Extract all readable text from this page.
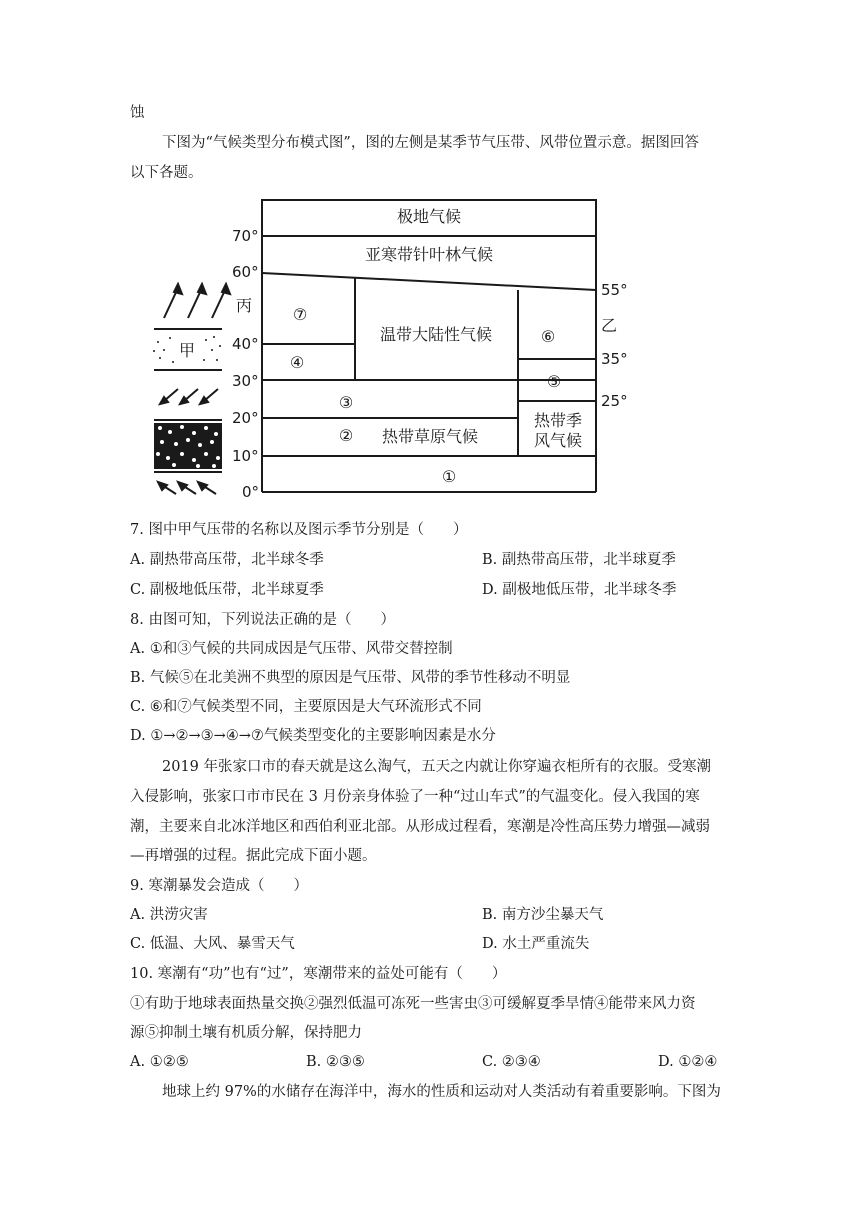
蚀
下图为“气候类型分布模式图”，图的左侧是某季节气压带、风带位置示意。据图回答
以下各题。
70°
60°
40°
30°
20°
10°
0°
55°
35°
25°
极地气候
亚寒带针叶林气候
温带大陆性气候
热带草原气候
热带季
风气候
⑦
④
③
②
①
⑥
⑤
丙
乙
甲
7. 图中甲气压带的名称以及图示季节分别是（　　）
A. 副热带高压带，北半球冬季	B. 副热带高压带，北半球夏季
C. 副极地低压带，北半球夏季	D. 副极地低压带，北半球冬季
8. 由图可知，下列说法正确的是（　　）
A. ①和③气候的共同成因是气压带、风带交替控制
B. 气候⑤在北美洲不典型的原因是气压带、风带的季节性移动不明显
C. ⑥和⑦气候类型不同，主要原因是大气环流形式不同
D. ①→②→③→④→⑦气候类型变化的主要影响因素是水分
2019 年张家口市的春天就是这么淘气，五天之内就让你穿遍衣柜所有的衣服。受寒潮
入侵影响，张家口市市民在 3 月份亲身体验了一种“过山车式”的气温变化。侵入我国的寒
潮，主要来自北冰洋地区和西伯利亚北部。从形成过程看，寒潮是冷性高压势力增强—减弱
—再增强的过程。据此完成下面小题。
9. 寒潮暴发会造成（　　）
A. 洪涝灾害	B. 南方沙尘暴天气
C. 低温、大风、暴雪天气	D. 水土严重流失
10. 寒潮有“功”也有“过”，寒潮带来的益处可能有（　　）
①有助于地球表面热量交换②强烈低温可冻死一些害虫③可缓解夏季旱情④能带来风力资
源⑤抑制土壤有机质分解，保持肥力
A. ①②⑤	B. ②③⑤	C. ②③④	D. ①②④
地球上约 97%的水储存在海洋中，海水的性质和运动对人类活动有着重要影响。下图为
